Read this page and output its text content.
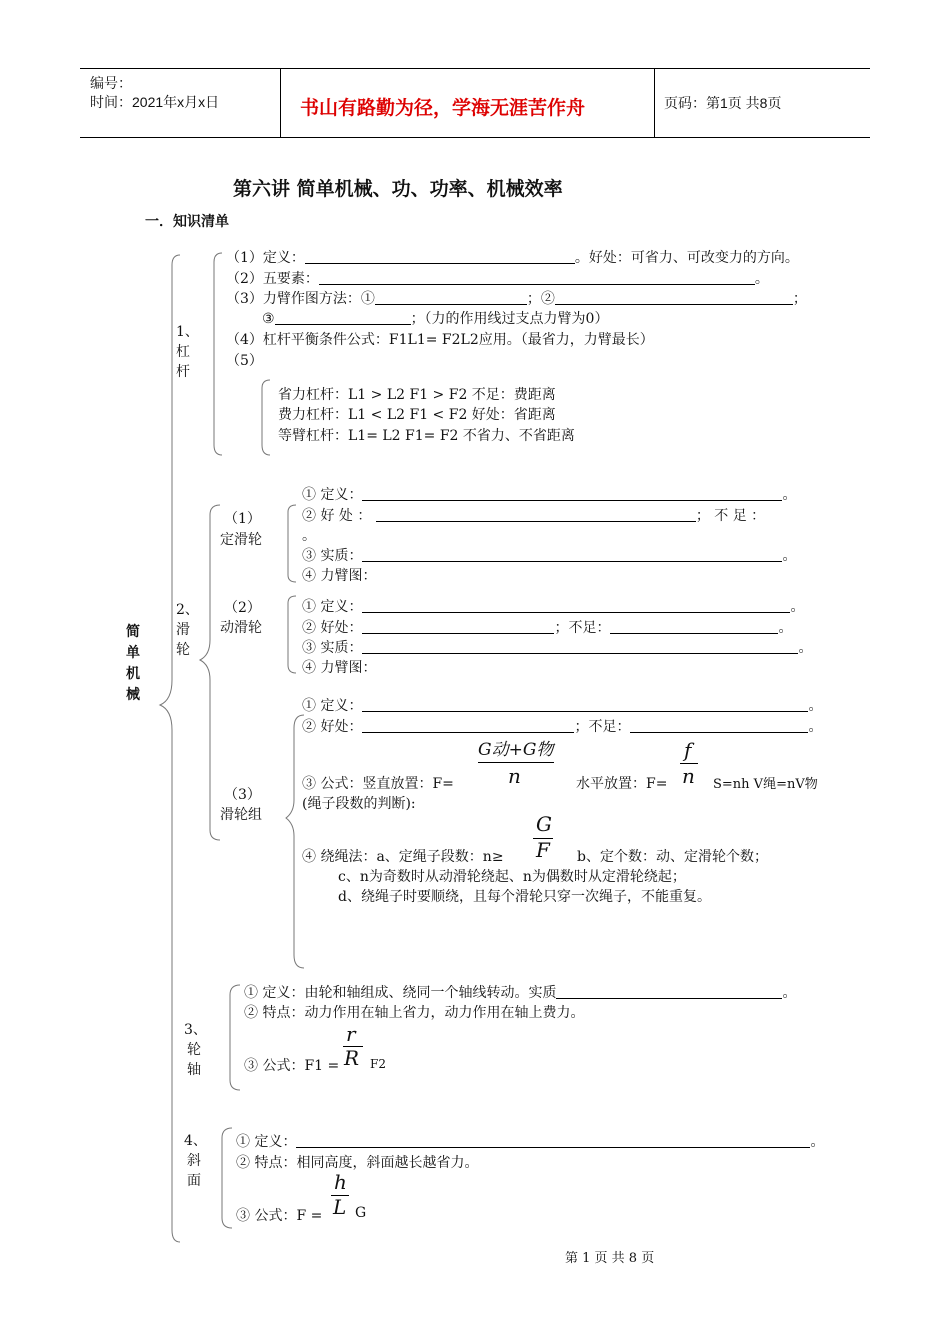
编号：
时间：2021年x月x日	书山有路勤为径，学海无涯苦作舟	页码：第1页 共8页
第六讲 简单机械、功、功率、机械效率
一．知识清单
简单机械
1、杠杆
（1）定义：	。好处：可省力、可改变力的方向。
（2）五要素：	。
（3）力臂作图方法：①	；②	；
③	；（力的作用线过支点力臂为0）
（4）杠杆平衡条件公式：F1L1= F2L2应用。（最省力，力臂最长）
（5）
省力杠杆：L1 > L2 F1 > F2 不足：费距离
费力杠杆：L1 < L2 F1 < F2 好处：省距离
等臂杠杆：L1= L2 F1= F2 不省力、不省距离
2、滑轮
（1）
定滑轮
① 定义：	。
② 好 处 ：	； 不 足 ：
。
③ 实质：	。
④ 力臂图：
（2）
动滑轮
① 定义：	。
② 好处：	；不足：	。
③ 实质：	。
④ 力臂图：
（3）
滑轮组
① 定义：	。
② 好处：	；不足：	。
G动+G物
n
f
n
③ 公式：竖直放置：F=	水平放置：F=	S=nh V绳=nV物
(绳子段数的判断):
G
F
④ 绕绳法：a、定绳子段数：n≥	b、定个数：动、定滑轮个数；
c、n为奇数时从动滑轮绕起、n为偶数时从定滑轮绕起；
d、绕绳子时要顺绕，且每个滑轮只穿一次绳子，不能重复。
3、轮轴
① 定义：由轮和轴组成、绕同一个轴线转动。实质	。
② 特点：动力作用在轴上省力，动力作用在轴上费力。
r
R
③ 公式：F1 =	F2
4、斜面
① 定义：	。
② 特点：相同高度，斜面越长越省力。
h
L
③ 公式：F = G
第 1 页 共 8 页
